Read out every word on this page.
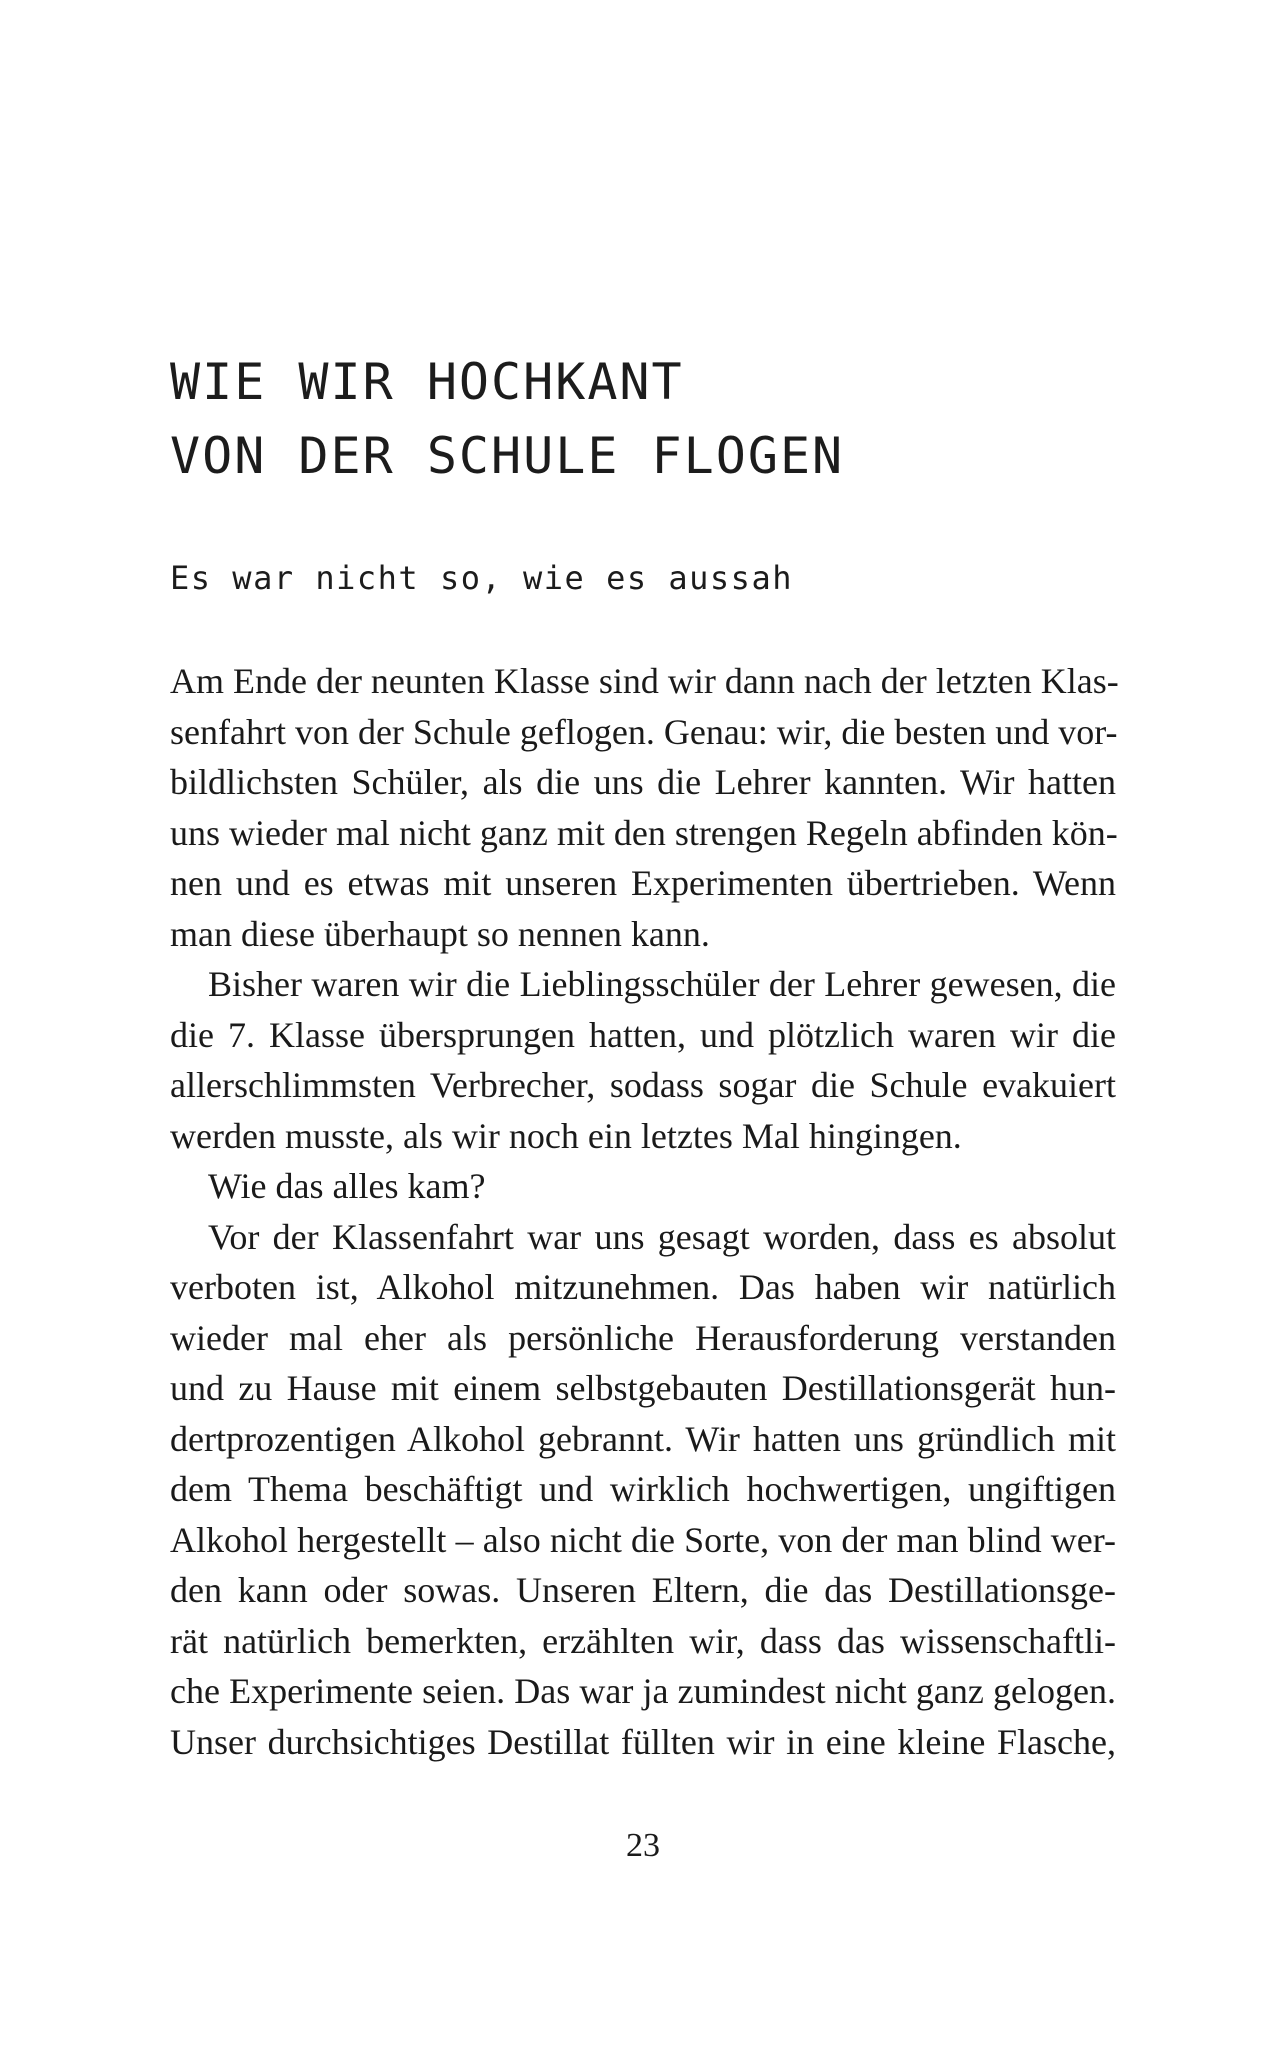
WIE WIR HOCHKANT
VON DER SCHULE FLOGEN
Es war nicht so, wie es aussah
Am Ende der neunten Klasse sind wir dann nach der letzten Klas-
senfahrt von der Schule geflogen. Genau: wir, die besten und vor-
bildlichsten Schüler, als die uns die Lehrer kannten. Wir hatten
uns wieder mal nicht ganz mit den strengen Regeln abfinden kön-
nen und es etwas mit unseren Experimenten übertrieben. Wenn
man diese überhaupt so nennen kann.
Bisher waren wir die Lieblingsschüler der Lehrer gewesen, die
die 7. Klasse übersprungen hatten, und plötzlich waren wir die
allerschlimmsten Verbrecher, sodass sogar die Schule evakuiert
werden musste, als wir noch ein letztes Mal hingingen.
Wie das alles kam?
Vor der Klassenfahrt war uns gesagt worden, dass es absolut
verboten ist, Alkohol mitzunehmen. Das haben wir natürlich
wieder mal eher als persönliche Herausforderung verstanden
und zu Hause mit einem selbstgebauten Destillationsgerät hun-
dertprozentigen Alkohol gebrannt. Wir hatten uns gründlich mit
dem Thema beschäftigt und wirklich hochwertigen, ungiftigen
Alkohol hergestellt – also nicht die Sorte, von der man blind wer-
den kann oder sowas. Unseren Eltern, die das Destillationsge-
rät natürlich bemerkten, erzählten wir, dass das wissenschaftli-
che Experimente seien. Das war ja zumindest nicht ganz gelogen.
Unser durchsichtiges Destillat füllten wir in eine kleine Flasche,
23
